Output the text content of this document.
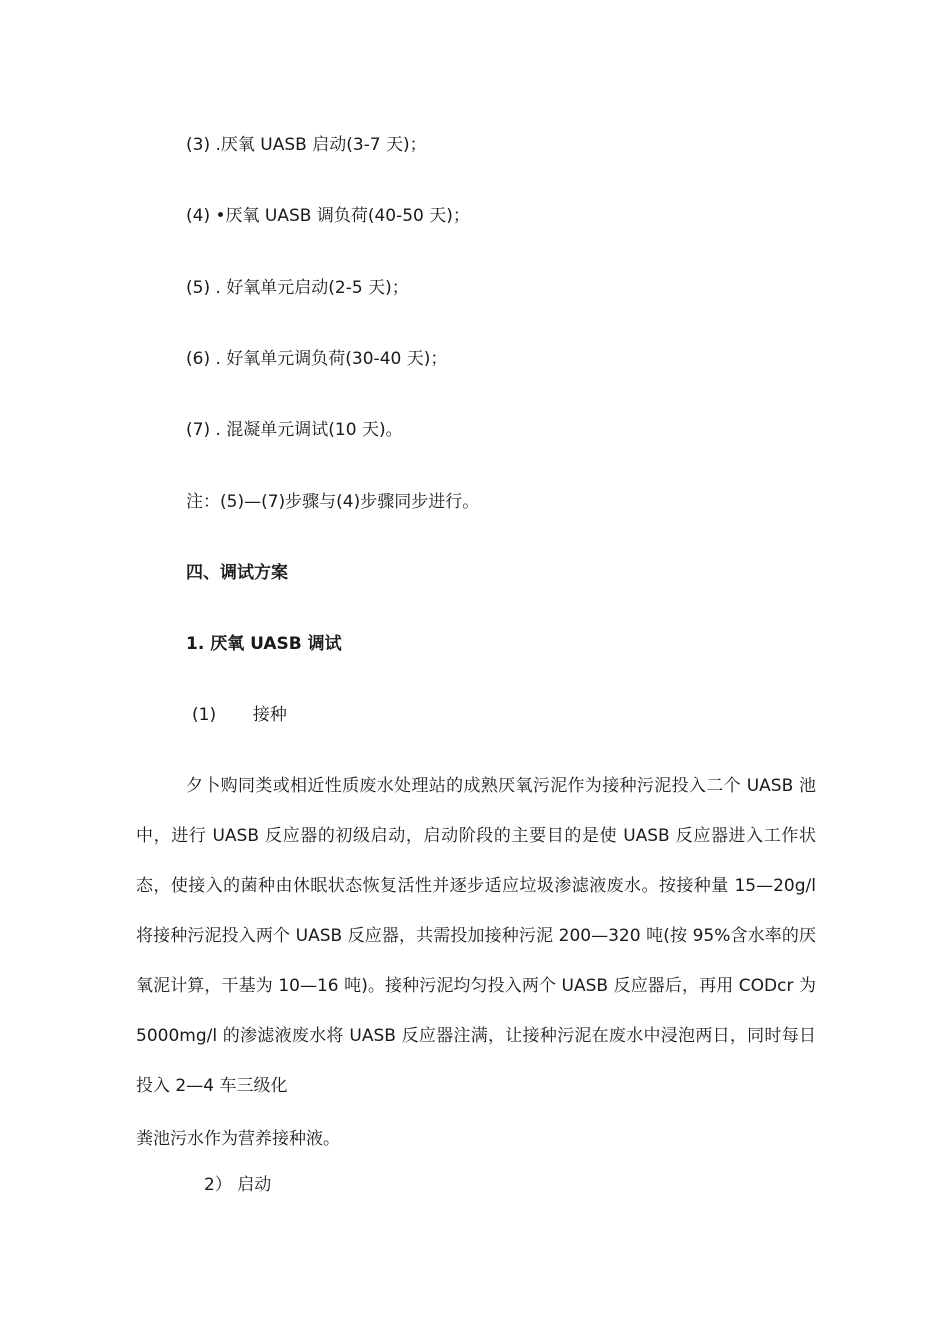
(3) .厌氧 UASB 启动(3-7 天)；
(4) •厌氧 UASB 调负荷(40-50 天)；
(5) . 好氧单元启动(2-5 天)；
(6) . 好氧单元调负荷(30-40 天)；
(7) . 混凝单元调试(10 天)。
注：(5)—(7)步骤与(4)步骤同步进行。
四、调试方案
1. 厌氧 UASB 调试
(1) 接种

夕卜购同类或相近性质废水处理站的成熟厌氧污泥作为接种污泥投入二个 UASB 池中，进行 UASB 反应器的初级启动，启动阶段的主要目的是使 UASB 反应器进入工作状态，使接入的菌种由休眠状态恢复活性并逐步适应垃圾渗滤液废水。按接种量 15—20g/l 将接种污泥投入两个 UASB 反应器，共需投加接种污泥 200—320 吨(按 95%含水率的厌氧泥计算，干基为 10—16 吨)。接种污泥均匀投入两个 UASB 反应器后，再用 CODcr 为 5000mg/l 的渗滤液废水将 UASB 反应器注满，让接种污泥在废水中浸泡两日，同时每日投入 2—4 车三级化

粪池污水作为营养接种液。
2） 启动
